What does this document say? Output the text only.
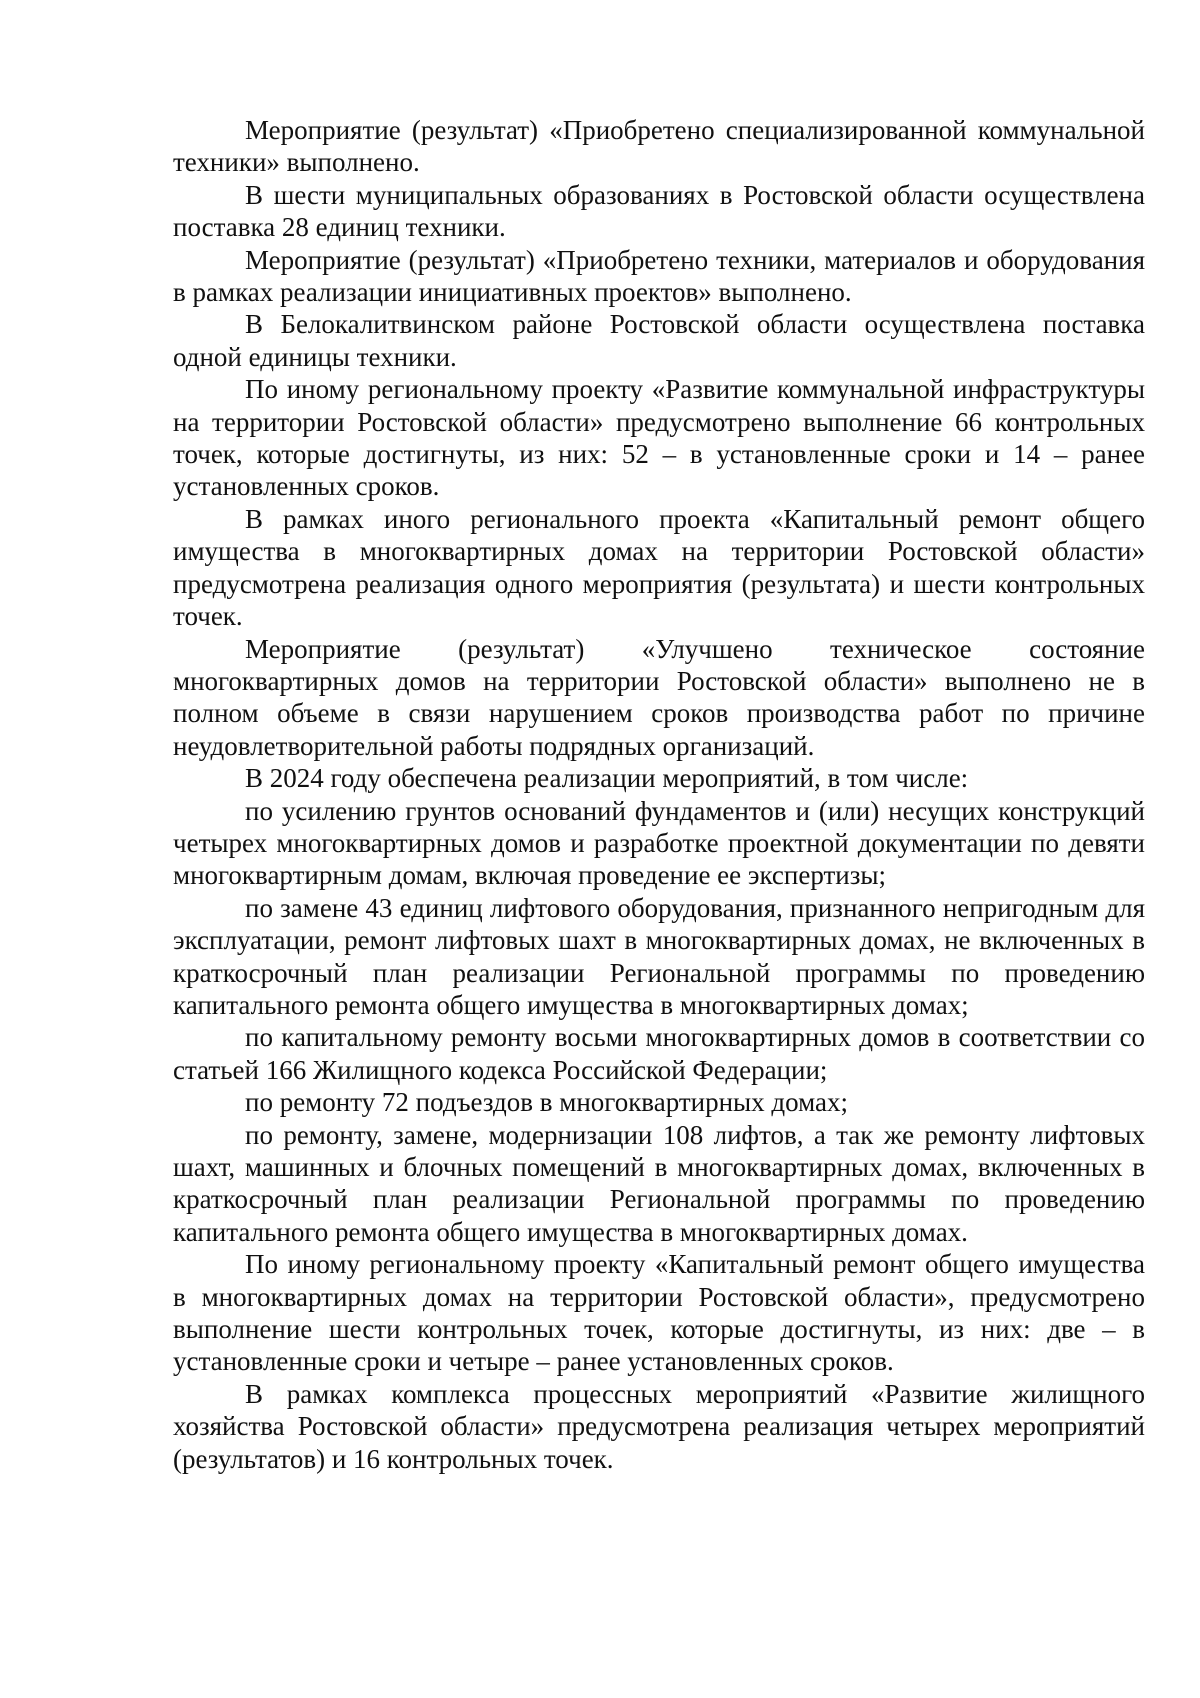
Мероприятие (результат) «Приобретено специализированной коммунальной техники» выполнено.

В шести муниципальных образованиях в Ростовской области осуществлена поставка 28 единиц техники.

Мероприятие (результат) «Приобретено техники, материалов и оборудования в рамках реализации инициативных проектов» выполнено.

В Белокалитвинском районе Ростовской области осуществлена поставка одной единицы техники.

По иному региональному проекту «Развитие коммунальной инфраструктуры на территории Ростовской области» предусмотрено выполнение 66 контрольных точек, которые достигнуты, из них: 52 – в установленные сроки и 14 – ранее установленных сроков.

В рамках иного регионального проекта «Капитальный ремонт общего имущества в многоквартирных домах на территории Ростовской области» предусмотрена реализация одного мероприятия (результата) и шести контрольных точек.

Мероприятие (результат) «Улучшено техническое состояние многоквартирных домов на территории Ростовской области» выполнено не в полном объеме в связи нарушением сроков производства работ по причине неудовлетворительной работы подрядных организаций.

В 2024 году обеспечена реализации мероприятий, в том числе:

по усилению грунтов оснований фундаментов и (или) несущих конструкций четырех многоквартирных домов и разработке проектной документации по девяти многоквартирным домам, включая проведение ее экспертизы;

по замене 43 единиц лифтового оборудования, признанного непригодным для эксплуатации, ремонт лифтовых шахт в многоквартирных домах, не включенных в краткосрочный план реализации Региональной программы по проведению капитального ремонта общего имущества в многоквартирных домах;

по капитальному ремонту восьми многоквартирных домов в соответствии со статьей 166 Жилищного кодекса Российской Федерации;

по ремонту 72 подъездов в многоквартирных домах;

по ремонту, замене, модернизации 108 лифтов, а так же ремонту лифтовых шахт, машинных и блочных помещений в многоквартирных домах, включенных в краткосрочный план реализации Региональной программы по проведению капитального ремонта общего имущества в многоквартирных домах.

По иному региональному проекту «Капитальный ремонт общего имущества в многоквартирных домах на территории Ростовской области», предусмотрено выполнение шести контрольных точек, которые достигнуты, из них: две – в установленные сроки и четыре – ранее установленных сроков.

В рамках комплекса процессных мероприятий «Развитие жилищного хозяйства Ростовской области» предусмотрена реализация четырех мероприятий (результатов) и 16 контрольных точек.
